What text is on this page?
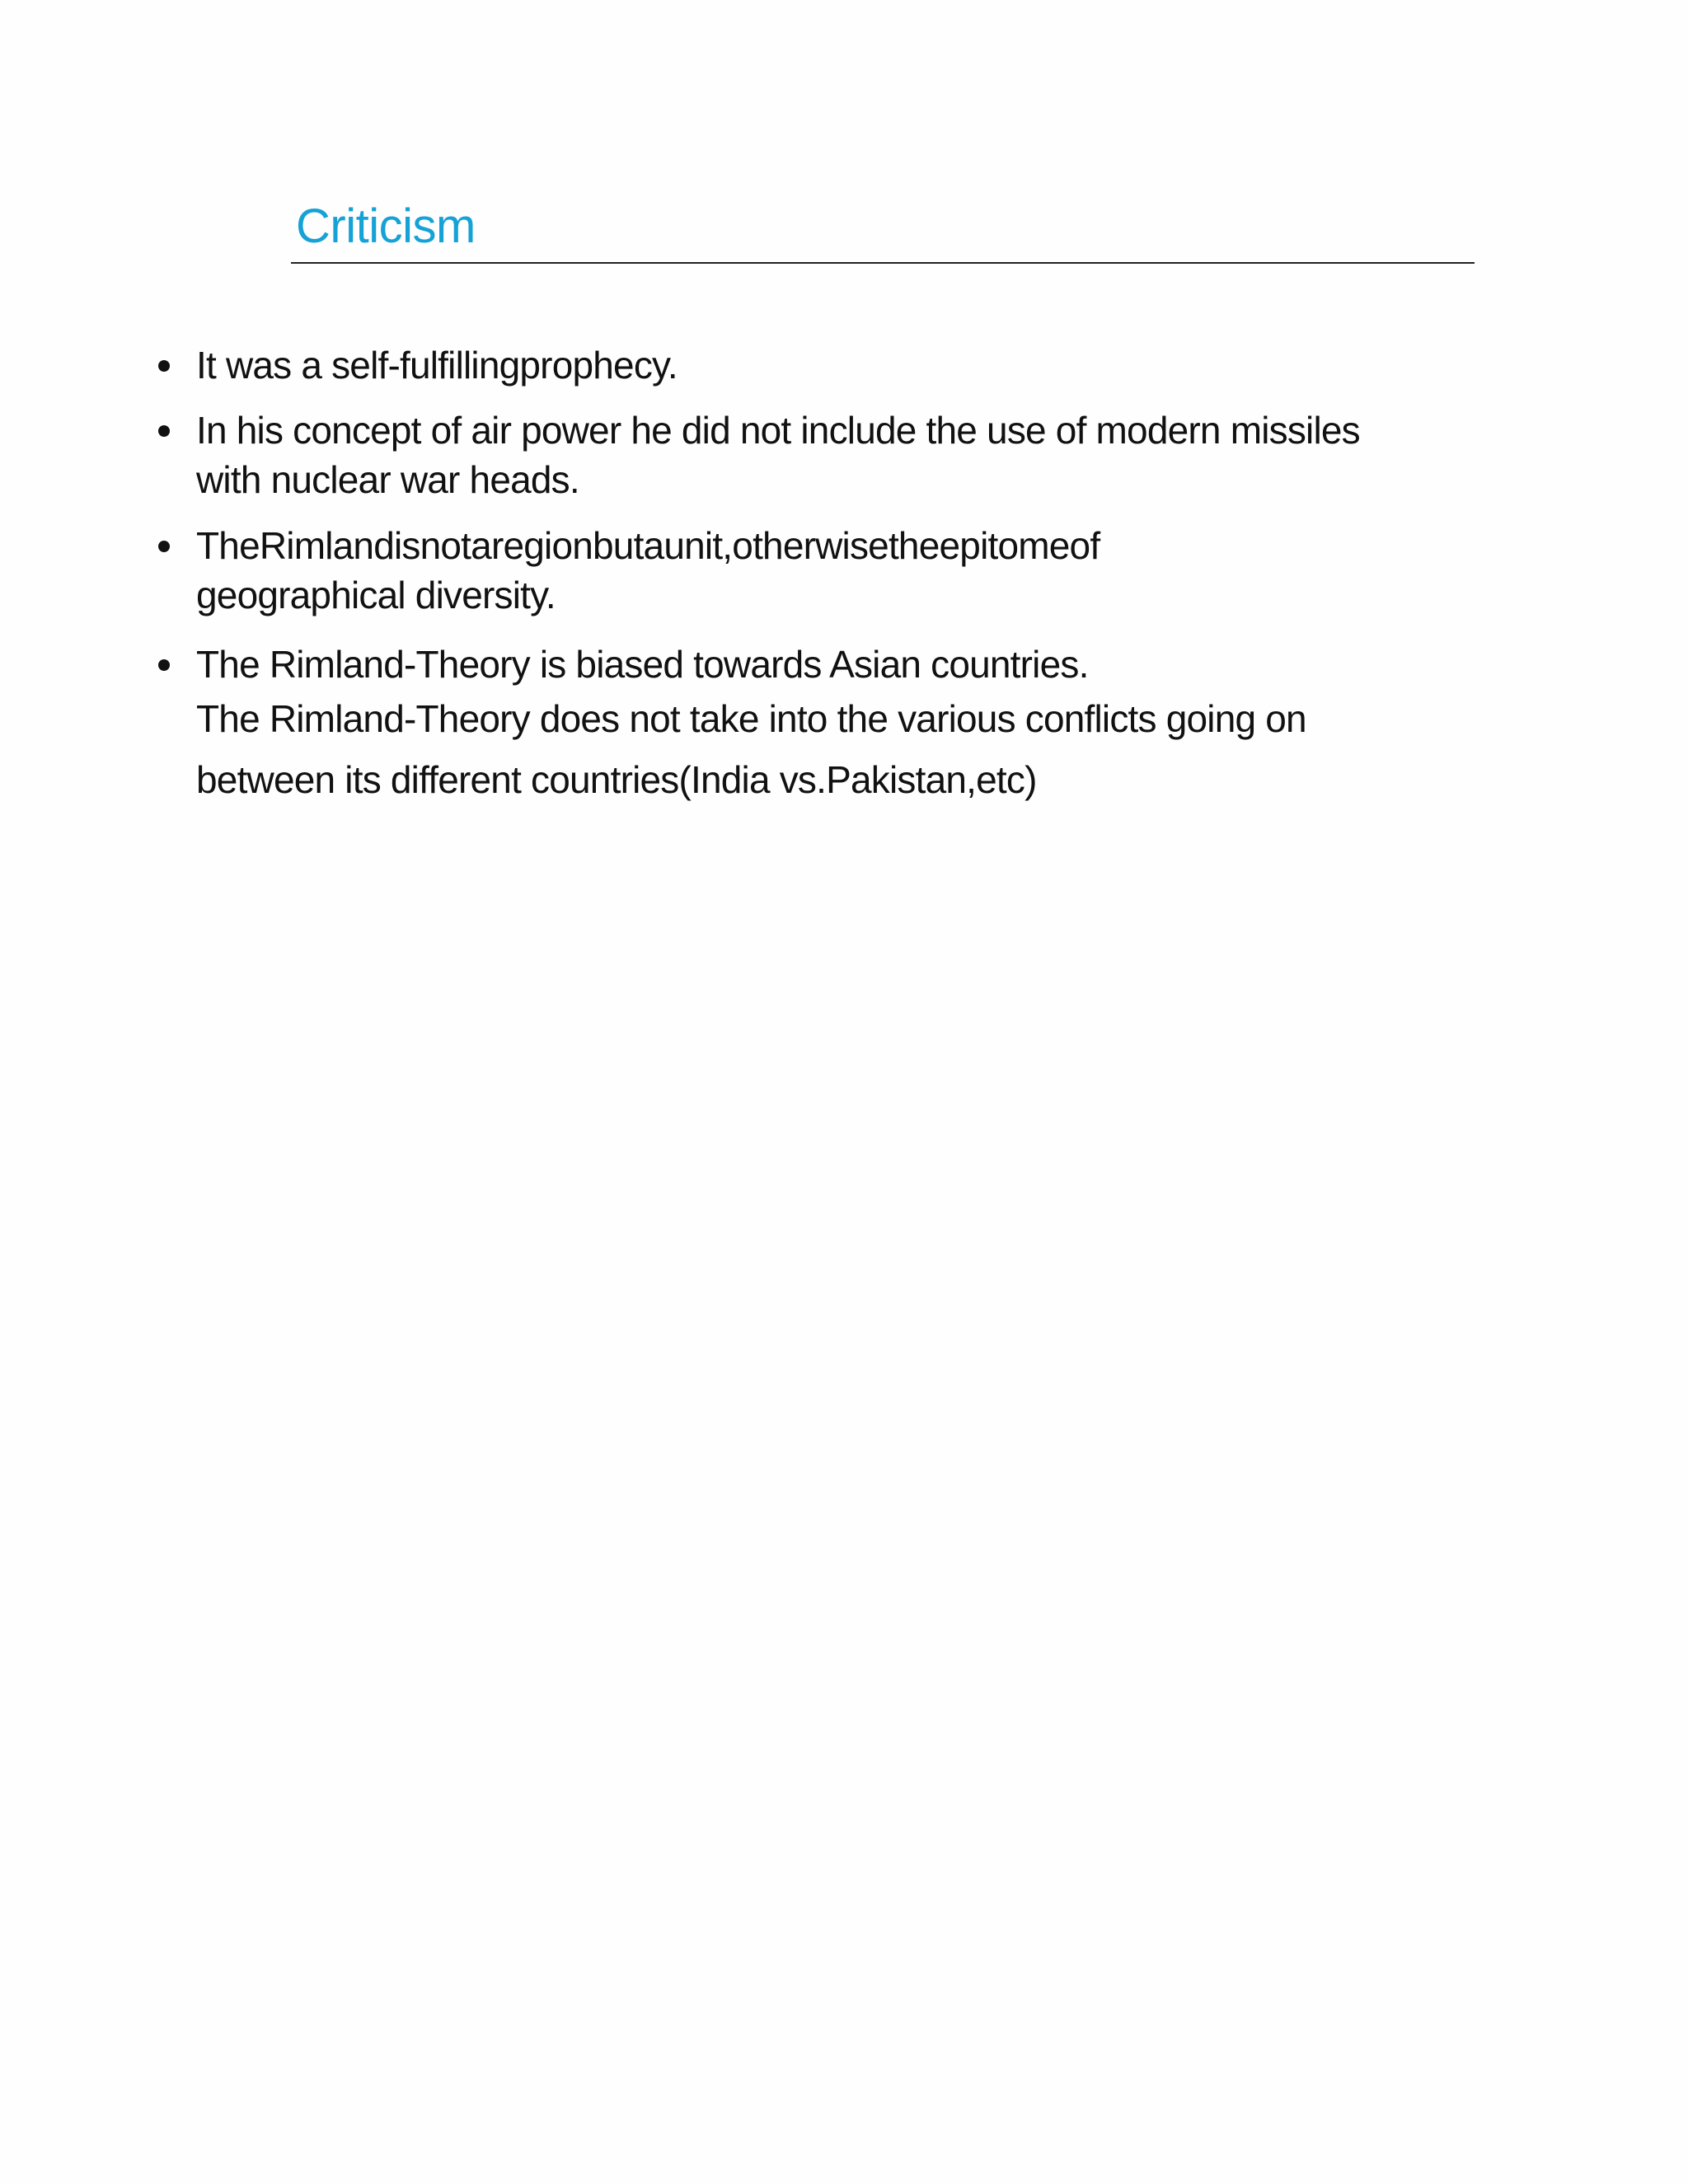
Criticism
It was a self-fulfillingprophecy.
In his concept of air power he did not include the use of modern missiles
with nuclear war heads.
TheRimlandisnotaregionbutaunit,otherwisetheepitomeof
geographical diversity.
The Rimland-Theory is biased towards Asian countries.
The Rimland-Theory does not take into the various conflicts going on
between its different countries(India vs.Pakistan,etc)
